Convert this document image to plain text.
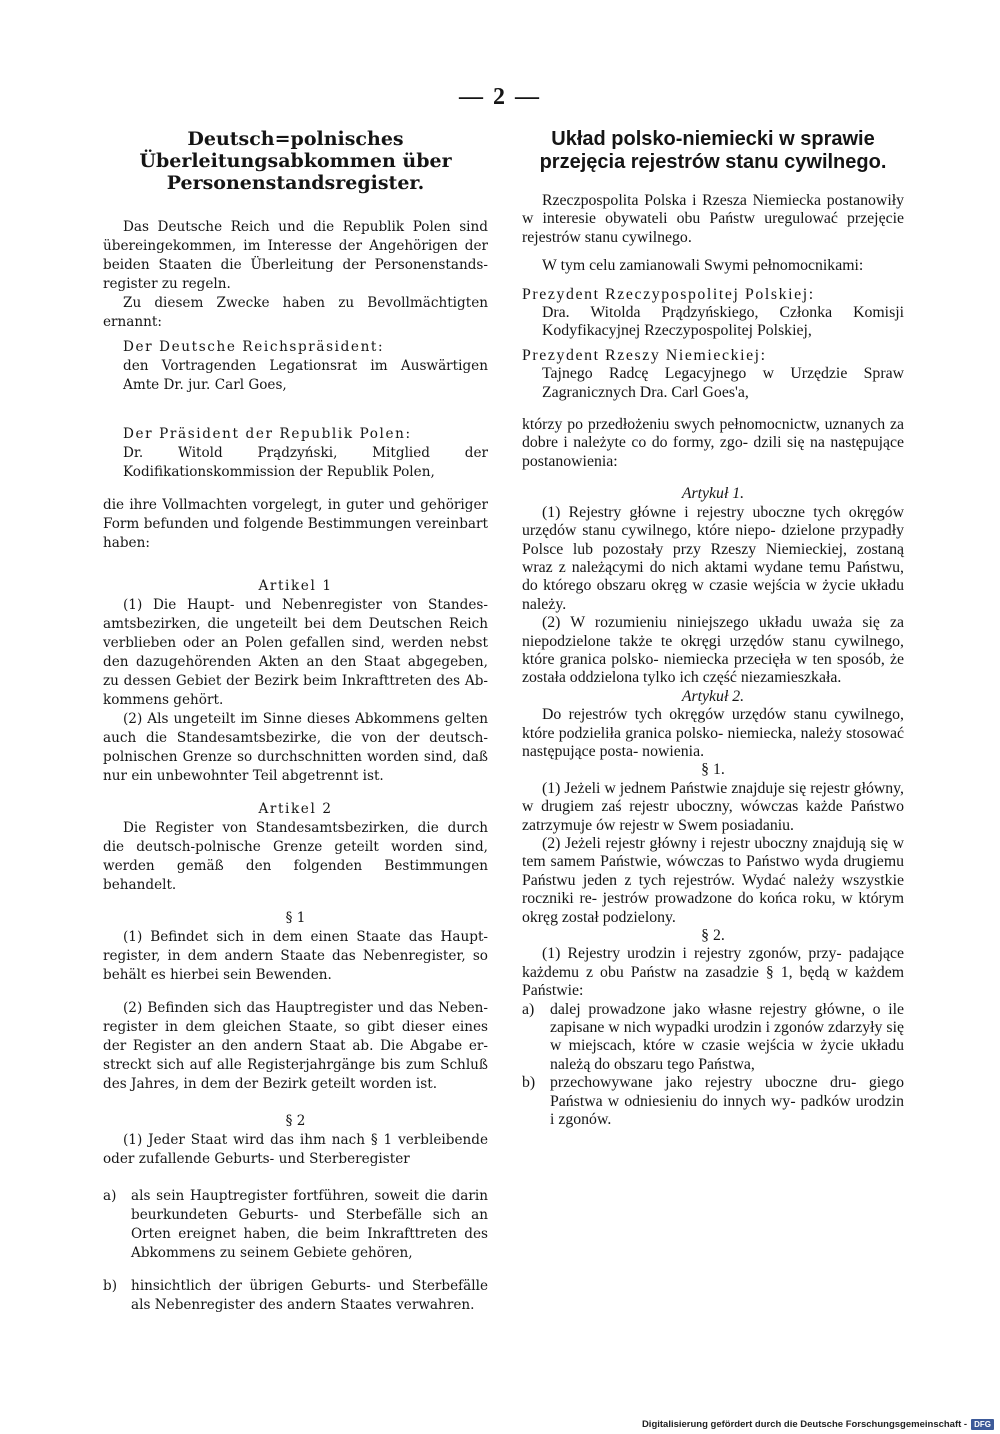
— 2 —

Deutsch=polnisches Überleitungsabkommen über Personenstandsregister.

Das Deutsche Reich und die Republik Polen sind übereingekommen, im Interesse der Angehörigen der beiden Staaten die Überleitung der Personenstands- register zu regeln.

Zu diesem Zwecke haben zu Bevollmächtigten ernannt:

Der Deutsche Reichspräsident:

den Vortragenden Legationsrat im Auswärtigen Amte Dr. jur. Carl Goes,

Der Präsident der Republik Polen:

Dr. Witold Prądzyński, Mitglied der Kodifikationskommission der Republik Polen,

die ihre Vollmachten vorgelegt, in guter und gehöriger Form befunden und folgende Bestimmungen vereinbart haben:

Artikel 1

(1) Die Haupt- und Nebenregister von Standes- amtsbezirken, die ungeteilt bei dem Deutschen Reich verblieben oder an Polen gefallen sind, werden nebst den dazugehörenden Akten an den Staat abgegeben, zu dessen Gebiet der Bezirk beim Inkrafttreten des Ab- kommens gehört.

(2) Als ungeteilt im Sinne dieses Abkommens gelten auch die Standesamtsbezirke, die von der deutsch- polnischen Grenze so durchschnitten worden sind, daß nur ein unbewohnter Teil abgetrennt ist.

Artikel 2

Die Register von Standesamtsbezirken, die durch die deutsch-polnische Grenze geteilt worden sind, werden gemäß den folgenden Bestimmungen behandelt.

§ 1

(1) Befindet sich in dem einen Staate das Haupt- register, in dem andern Staate das Nebenregister, so behält es hierbei sein Bewenden.

(2) Befinden sich das Hauptregister und das Neben- register in dem gleichen Staate, so gibt dieser eines der Register an den andern Staat ab. Die Abgabe er- streckt sich auf alle Registerjahrgänge bis zum Schluß des Jahres, in dem der Bezirk geteilt worden ist.

§ 2

(1) Jeder Staat wird das ihm nach § 1 verbleibende oder zufallende Geburts- und Sterberegister

a)	als sein Hauptregister fortführen, soweit die darin beurkundeten Geburts- und Sterbefälle sich an Orten ereignet haben, die beim Inkrafttreten des Abkommens zu seinem Gebiete gehören,
b)	hinsichtlich der übrigen Geburts- und Sterbefälle als Nebenregister des andern Staates verwahren.

Układ polsko-niemiecki w sprawie przejęcia rejestrów stanu cywilnego.

Rzeczpospolita Polska i Rzesza Niemiecka postanowiły w interesie obywateli obu Państw uregulować przejęcie rejestrów stanu cywilnego.

W tym celu zamianowali Swymi pełnomocnikami:

Prezydent Rzeczypospolitej Polskiej:

Dra. Witolda Prądzyńskiego, Członka Komisji Kodyfikacyjnej Rzeczypospolitej Polskiej,

Prezydent Rzeszy Niemieckiej:

Tajnego Radcę Legacyjnego w Urzędzie Spraw Zagranicznych Dra. Carl Goes'a,

którzy po przedłożeniu swych pełnomocnictw, uznanych za dobre i należyte co do formy, zgo- dzili się na następujące postanowienia:

Artykuł 1.

(1) Rejestry główne i rejestry uboczne tych okręgów urzędów stanu cywilnego, które niepo- dzielone przypadły Polsce lub pozostały przy Rzeszy Niemieckiej, zostaną wraz z należącymi do nich aktami wydane temu Państwu, do którego obszaru okręg w czasie wejścia w życie układu należy.

(2) W rozumieniu niniejszego układu uważa się za niepodzielone także te okręgi urzędów stanu cywilnego, które granica polsko- niemiecka przecięła w ten sposób, że została oddzielona tylko ich część niezamieszkała.

Artykuł 2.

Do rejestrów tych okręgów urzędów stanu cywilnego, które podzieliła granica polsko- niemiecka, należy stosować następujące posta- nowienia.

§ 1.

(1) Jeżeli w jednem Państwie znajduje się rejestr główny, w drugiem zaś rejestr uboczny, wówczas każde Państwo zatrzymuje ów rejestr w Swem posiadaniu.

(2) Jeżeli rejestr główny i rejestr uboczny znajdują się w tem samem Państwie, wówczas to Państwo wyda drugiemu Państwu jeden z tych rejestrów. Wydać należy wszystkie roczniki re- jestrów prowadzone do końca roku, w którym okręg został podzielony.

§ 2.

(1) Rejestry urodzin i rejestry zgonów, przy- padające każdemu z obu Państw na zasadzie § 1, będą w każdem Państwie:

a) dalej prowadzone jako własne rejestry główne, o ile zapisane w nich wypadki urodzin i zgonów zdarzyły się w miejscach, które w czasie wejścia w życie układu należą do obszaru tego Państwa,
b) przechowywane jako rejestry uboczne dru- giego Państwa w odniesieniu do innych wy- padków urodzin i zgonów.
Digitalisierung gefördert durch die Deutsche Forschungsgemeinschaft - DFG
